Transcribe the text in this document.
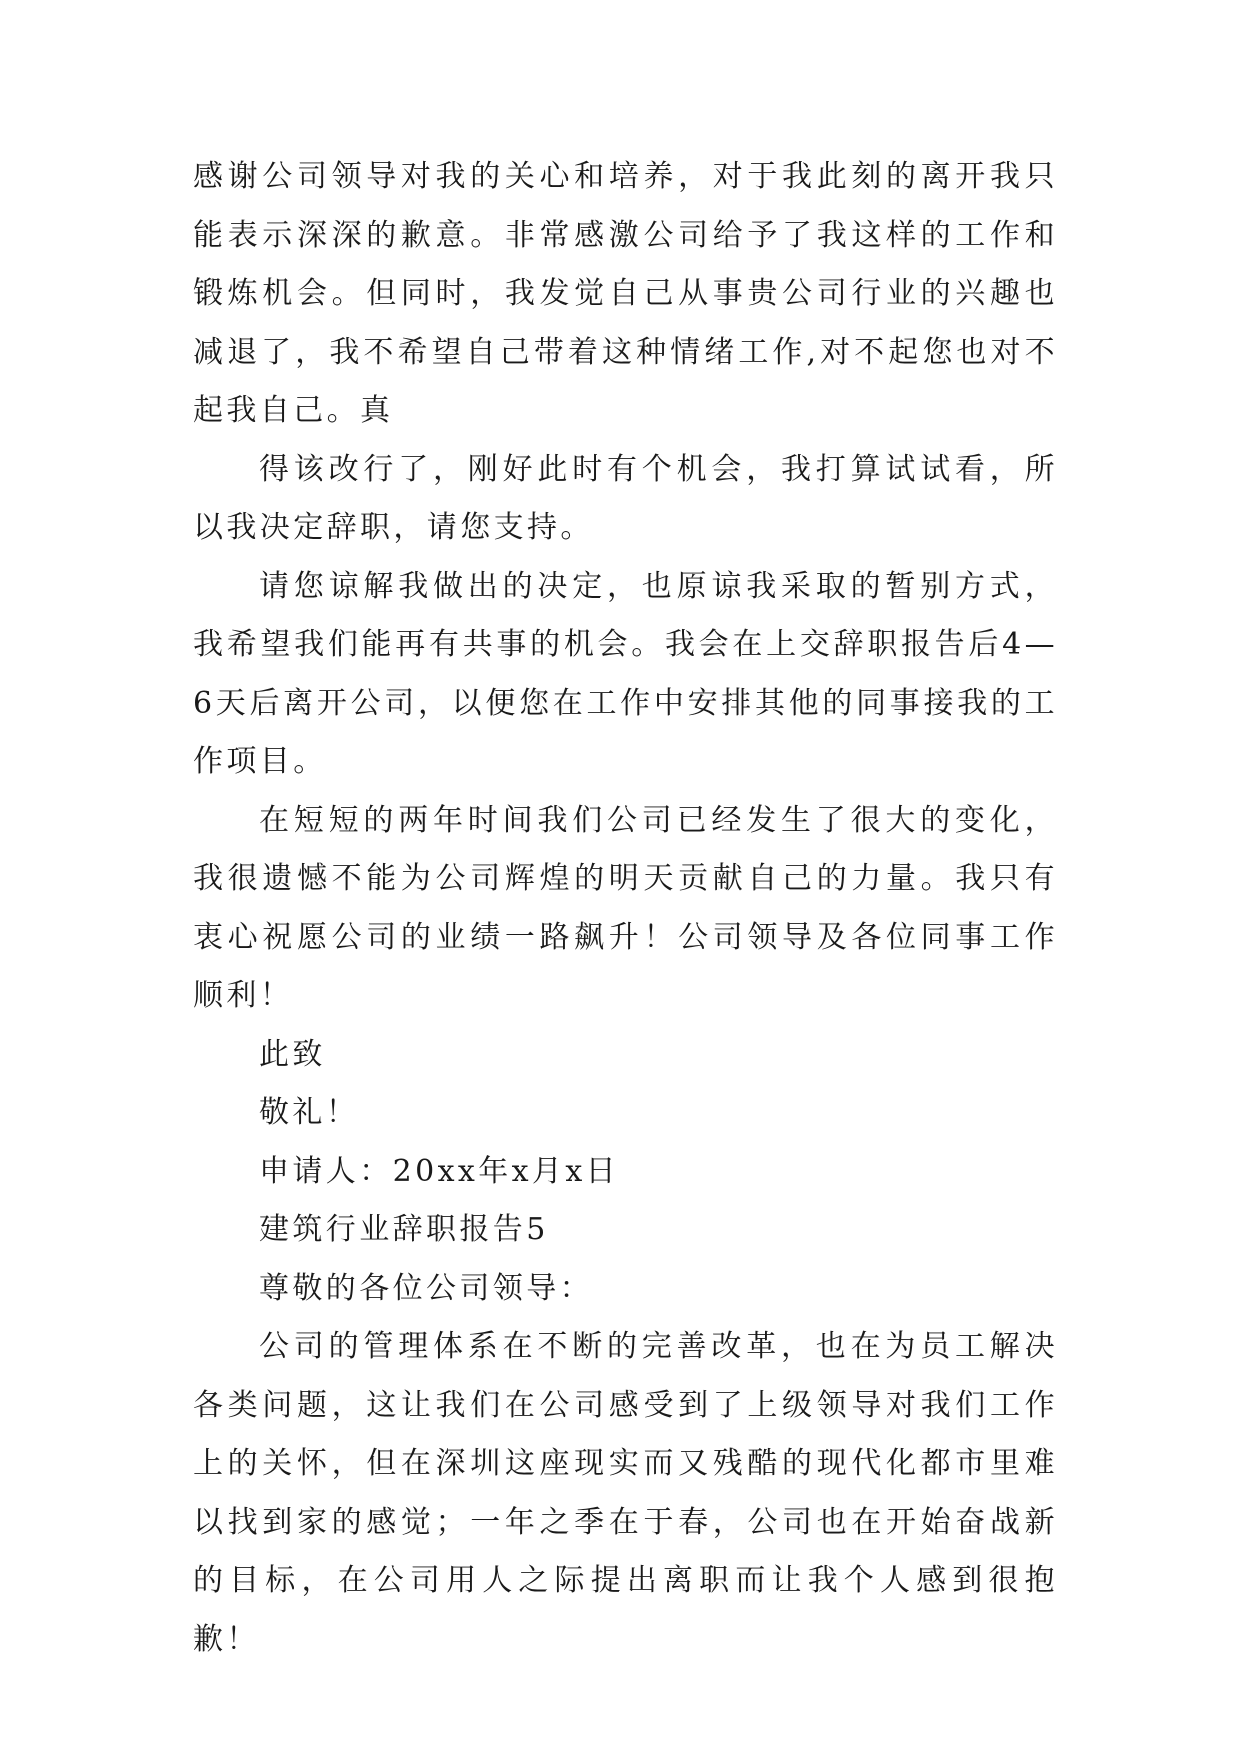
感谢公司领导对我的关心和培养，对于我此刻的离开我只能表示深深的歉意。非常感激公司给予了我这样的工作和锻炼机会。但同时，我发觉自己从事贵公司行业的兴趣也减退了，我不希望自己带着这种情绪工作,对不起您也对不起我自己。真

得该改行了，刚好此时有个机会，我打算试试看，所以我决定辞职，请您支持。

请您谅解我做出的决定，也原谅我采取的暂别方式，我希望我们能再有共事的机会。我会在上交辞职报告后4—6天后离开公司，以便您在工作中安排其他的同事接我的工作项目。

在短短的两年时间我们公司已经发生了很大的变化，我很遗憾不能为公司辉煌的明天贡献自己的力量。我只有衷心祝愿公司的业绩一路飙升！公司领导及各位同事工作顺利！

此致

敬礼！

申请人：20xx年x月x日

建筑行业辞职报告5

尊敬的各位公司领导：

公司的管理体系在不断的完善改革，也在为员工解决各类问题，这让我们在公司感受到了上级领导对我们工作上的关怀，但在深圳这座现实而又残酷的现代化都市里难以找到家的感觉；一年之季在于春，公司也在开始奋战新的目标，在公司用人之际提出离职而让我个人感到很抱歉！
